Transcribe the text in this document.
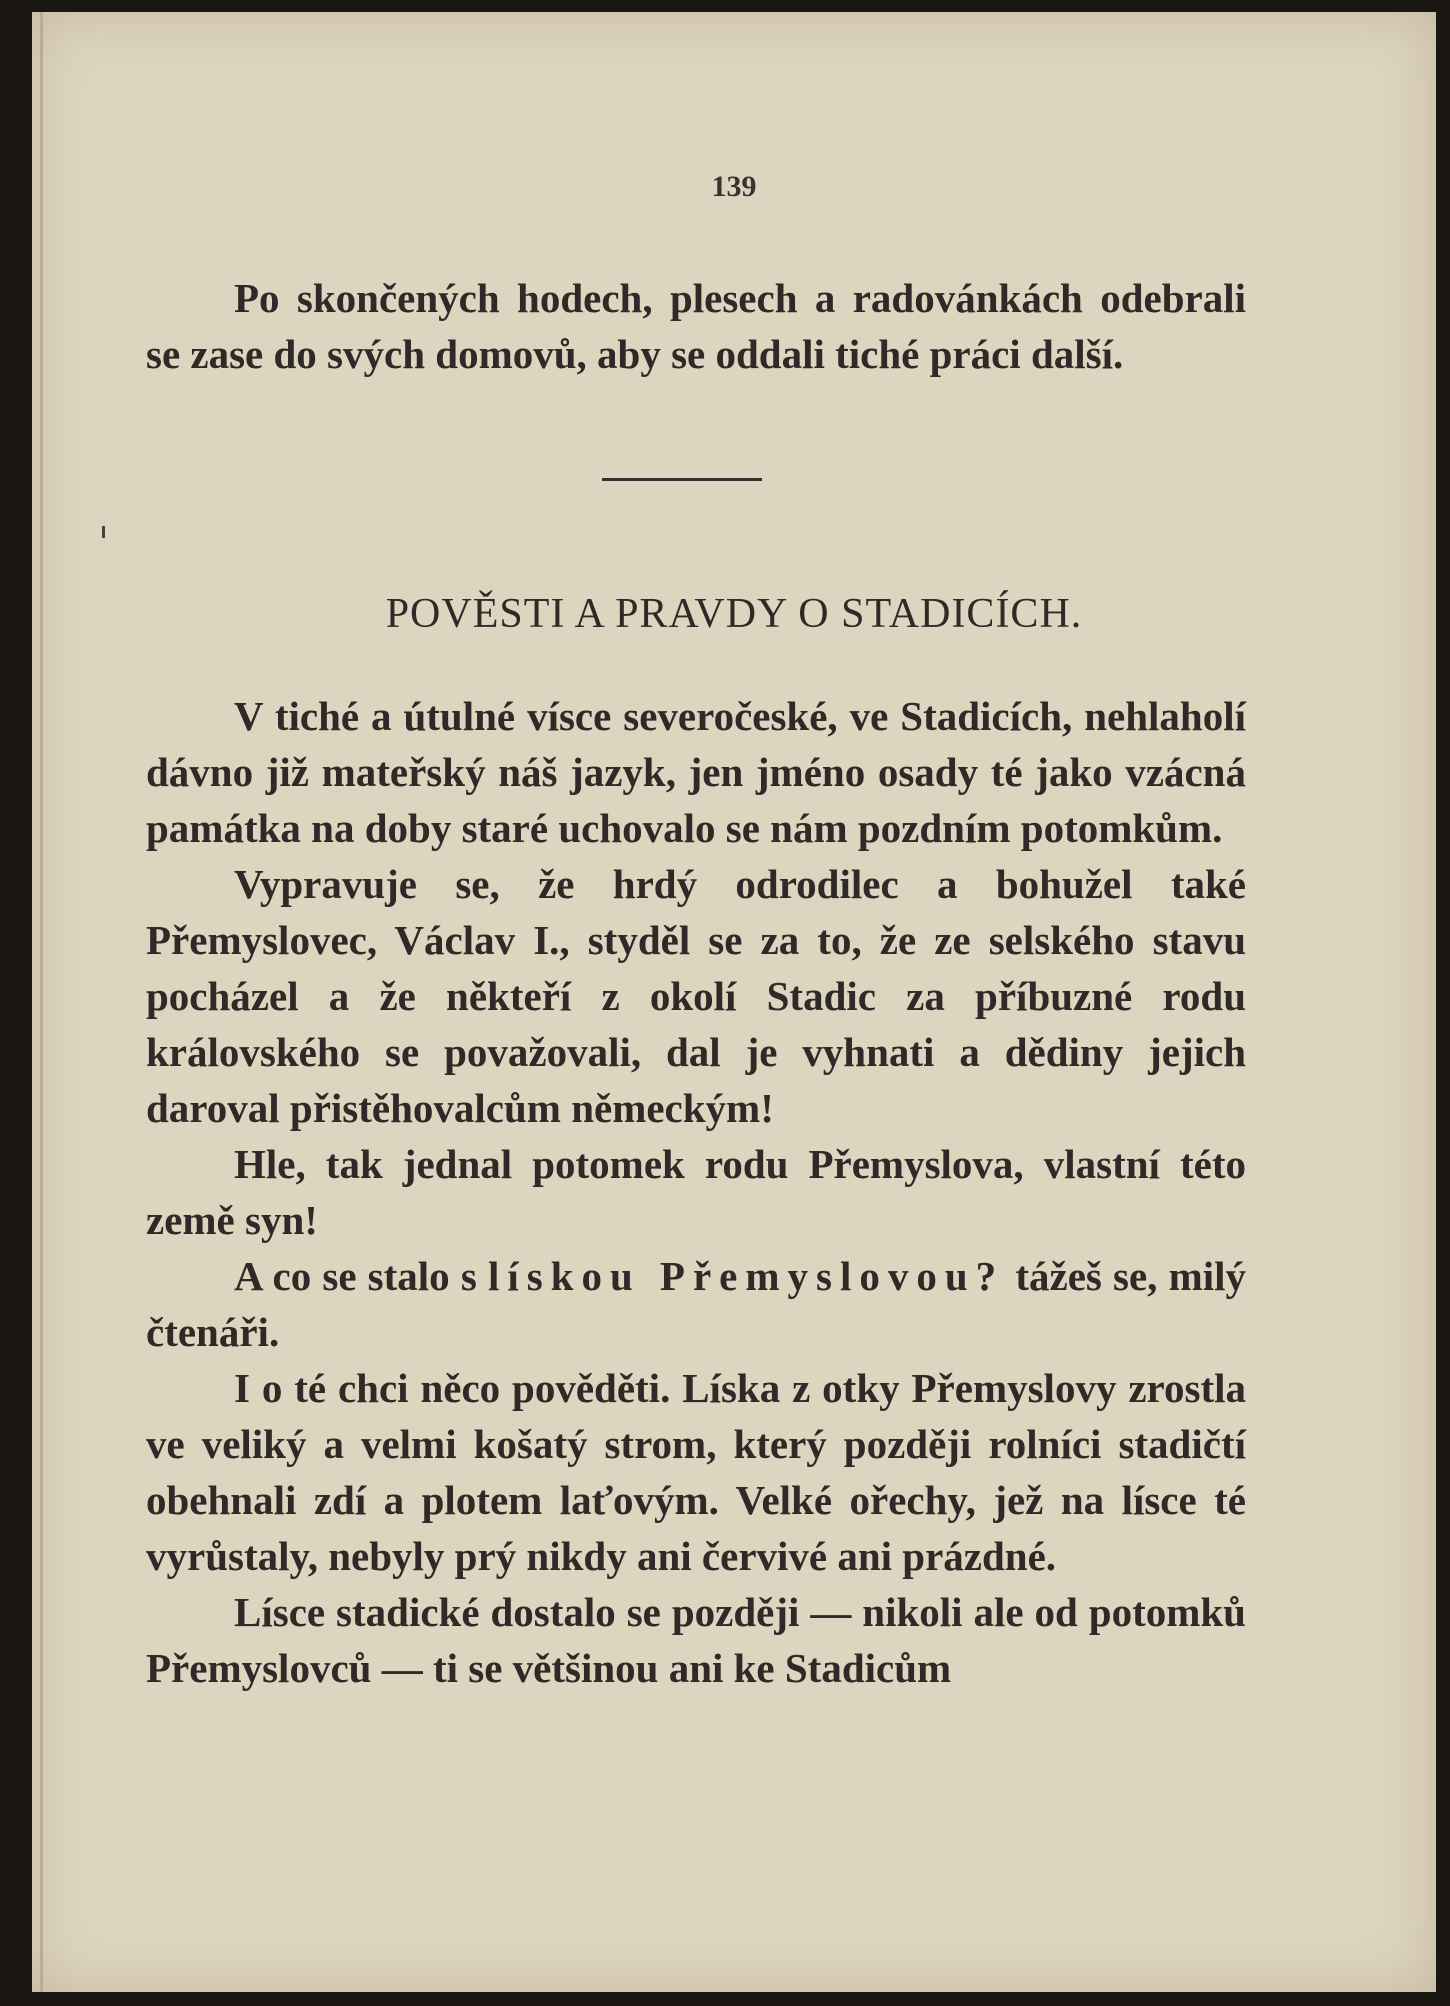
139

Po skončených hodech, plesech a radovánkách odebrali se zase do svých domovů, aby se oddali tiché práci další.

POVĚSTI A PRAVDY O STADICÍCH.

V tiché a útulné vísce severočeské, ve Stadicích, nehlaholí dávno již mateřský náš jazyk, jen jméno osady té jako vzácná památka na doby staré uchovalo se nám pozdním potomkům.

Vypravuje se, že hrdý odrodilec a bohužel také Přemyslovec, Václav I., styděl se za to, že ze selského stavu pocházel a že někteří z okolí Stadic za příbuzné rodu královského se považovali, dal je vyhnati a dědiny jejich daroval přistěhovalcům německým!

Hle, tak jednal potomek rodu Přemyslova, vlastní této země syn!

A co se stalo s lískou Přemyslovou? tážeš se, milý čtenáři.

I o té chci něco pověděti. Líska z otky Přemyslovy zrostla ve veliký a velmi košatý strom, který později rolníci stadičtí obehnali zdí a plotem laťovým. Velké ořechy, jež na lísce té vyrůstaly, nebyly prý nikdy ani červivé ani prázdné.

Lísce stadické dostalo se později — nikoli ale od potomků Přemyslovců — ti se většinou ani ke Stadicům
